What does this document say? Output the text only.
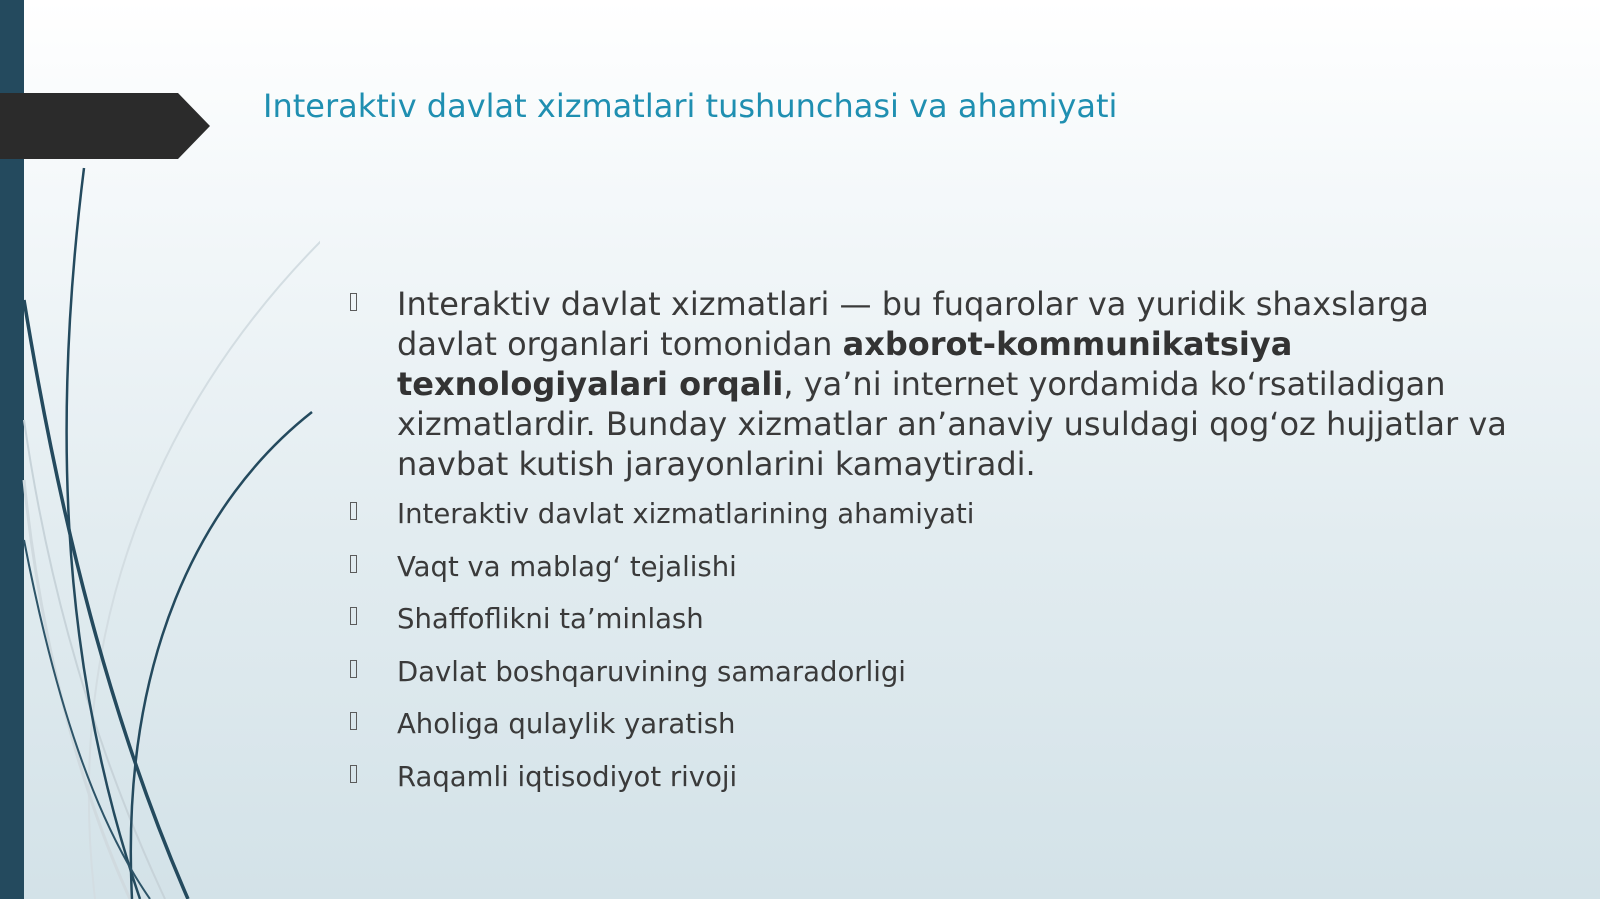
Interaktiv davlat xizmatlari tushunchasi va ahamiyati
Interaktiv davlat xizmatlari — bu fuqarolar va yuridik shaxslarga
davlat organlari tomonidan axborot-kommunikatsiya
texnologiyalari orqali, ya’ni internet yordamida ko‘rsatiladigan
xizmatlardir. Bunday xizmatlar an’anaviy usuldagi qog‘oz hujjatlar va
navbat kutish jarayonlarini kamaytiradi.
Interaktiv davlat xizmatlarining ahamiyati
Vaqt va mablag‘ tejalishi
Shaffoflikni ta’minlash
Davlat boshqaruvining samaradorligi
Aholiga qulaylik yaratish
Raqamli iqtisodiyot rivoji
